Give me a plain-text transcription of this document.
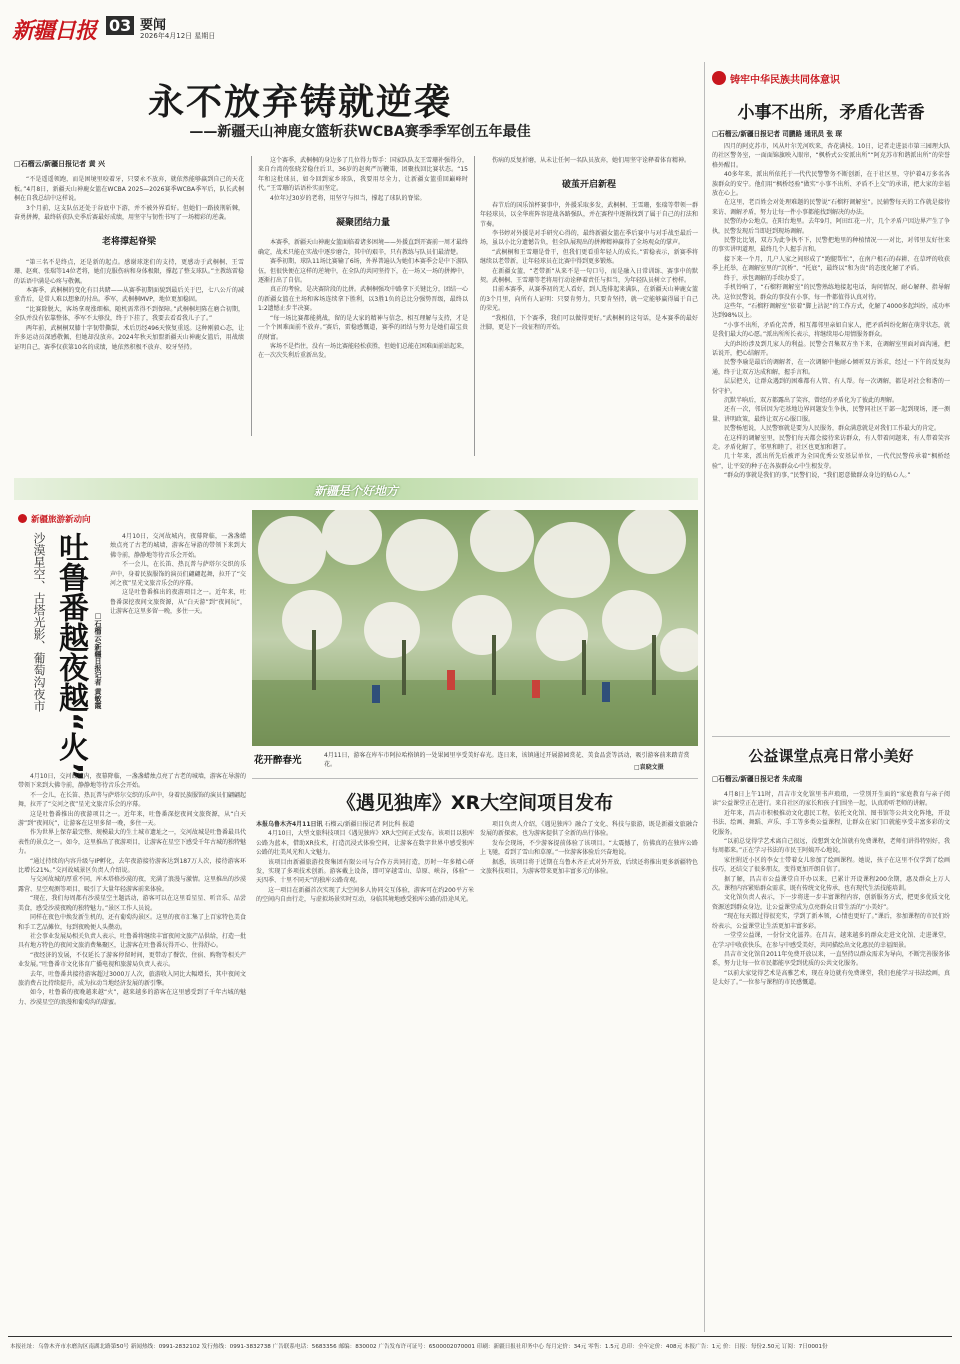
新疆日报 03 要闻
2026年4月12日 星期日
永不放弃铸就逆袭
——新疆天山神鹿女篮斩获WCBA赛季季军创五年最佳
□石榴云/新疆日报记者 黄 兴

“不是遥遥领跑，而是困境里咬着牙，只要永不放弃，就依然能够赢到自己的天花板。”4月8日，新疆天山神鹿女篮在WCBA 2025—2026赛季WCBA季军后，队长武桐桐在自我总结中这样说。

3个月前，这支队伍还处于谷底中下游，并不被外界看好。但她们一路披荆斩棘，奋勇拼搏，最终斩获队史季后赛最好成绩，用坚守与韧性书写了一场精彩的逆袭。

老将撑起脊梁

“第三名不是终点，还是新的起点。感谢球迷们的支持，更感动于武桐桐、王雪珊、赵爽、张瑞等14位老将，她们克服伤病和身体极限，撑起了整支球队。”主教练雷稳的话语中满是心疼与敬佩。

本赛季，武桐桐的变化有目共睹——从赛季初期面貌到最后关于巴，七八公斤的减重背后，是常人难以想象的付出。季军，武桐桐MVP，地位更加稳固。

“比赛除脱大，客场拿观涨细棉，随机需常得不到保障。”武桐桐坦陈在磨合初期，全队并没有依靠整体，季军不太够没，终于下挂了，我要去看看我儿子了。”

两年前，武桐桐双膝十字韧带撕裂，术后历经496天恢复重返。这种刚毅心态，让许多运动员深感敬佩，但她却没放弃。2024年秋天加盟新疆天山神鹿女篮后，用战绩证明自己，赛季仅获第10名的成绩，她依然积极不放弃、咬牙坚持。

这个赛季，武桐桐的身边多了几位得力帮手：国家队队友王雪珊补强得分，来自台湾的张晓芳稳住后卫，36岁的赵爽严厉鞭策，团聚找回比赛状态。“15年和这批球员，如今回到家乡球队，我要用尽全力，让新疆女篮重回巅峰时代。”王雪珊的话语朴实而坚定。

4位年过30岁的老将，用坚守与担当，撑起了球队的脊梁。

凝聚团结力量

本赛季，新疆天山神鹿女篮面临着诸多困境——外援直到开赛前一周才最终确定，战术只能在实战中逐步磨合，其中的艰辛，只有教练与队员们最清楚。

赛季初期，球队11场比赛输了6场，外界普遍认为她们本赛季会是中下游队伍，但很快便在这样的逆境中，在全队的共同坚持下，在一场又一场的拼搏中，逐渐打出了自信。

真正的考验，是决赛阶段的比拼。武桐桐强攻中路拿下关键比分，团结一心的新疆女篮在主场和客场连续拿下胜利，以3胜1负的总比分强势晋级，最终以1:2遗憾止步半决赛。

“每一场比赛都能挑战，留的是大家的精神与信念，相互理解与支持，才是一个个困难面前不放弃。”赛后，雷稳感慨道，赛季的团结与努力是她们最宝贵的财富。

客场不是挡住，没有一场比赛能轻松获胜，但她们总能在困难面前站起来，在一次次失利后重新出发。

伤病的反复折磨，从未让任何一名队员放弃，她们用坚守诠释着体育精神。

破茧开启新程

春节后的国乐馆杯赛事中，外援采取多发，武桐桐、王雪珊，张瑞等带领一群年轻球员，以全华班阵容迎战各路强队，并在赛程中逐渐找到了属于自己的打法和节奏。

李书婷对外援是对手研究心得的，最终新疆女篮在季后赛中与对手战至最后一场，虽以小比分遗憾告负，但全队展现出的拼搏精神赢得了全场观众的掌声。

“武桐桐和王雪珊是骨干，但我们更看重年轻人的成长。”雷稳表示，新赛季将继续以老带新，让年轻球员在比赛中得到更多锻炼。

在新疆女篮，“老带新”从来不是一句口号，而是融入日常训练、赛事中的默契。武桐桐、王雪珊等老将用行动诠释着责任与担当，为年轻队员树立了榜样。

目前本赛季，从赛季初的无人看好，到人选排起来满队，在新疆天山神鹿女篮的3个月里，向所有人证明：只要肯努力，只要肯坚持，就一定能够赢得属于自己的荣光。

“我相信，下个赛季，我们可以做得更好。”武桐桐的这句话，是本赛季的最好注脚，更是下一段征程的开始。

铸牢中华民族共同体意识
小事不出所，矛盾化苦香
□石榴云/新疆日报记者 司鹏路 通讯员 张 琛

四月的阿克苏市，风从叶尔羌河吹来，杏花满枝。10日，记者走进县市第三园理大队的社区警务室，一面面锦旗映入眼帘，“枫桥式公安派出所”“阿克苏市和谐派出所”的荣誉格外醒目。

40多年来，派出所依托于一代代民警警务不断创新，在于社区里，守护着4万多名各族群众的安宁。他们用“枫桥经验”做实“小事不出所、矛盾不上交”的承诺，把大家的幸福放在心上。

在这里，老百姓会对处理难题的民警说“石榴籽调解室”。民辅警每天的工作就是接待来访、调解矛盾，努力让每一件小事都能找到解决的办法。

民警的办公地点，在阳台地里。去年9月，阿田红花一片，几个矛盾户因边界产生了争执，民警发现后当即赶到现场调解。

民警比比划，双方为此争执不下，民警把地里的种植情况一一对比，对邻里友好往来的事实讲明道理，最终几个人握手言和。

接下来一个月，几户人家之间形成了“跑腿帮忙”，在南户根石的春耕、在草坪的收获季上托举，在调解室里的“沉桥”、“托底”，最终以“和为贵”的态度化解了矛盾。

终于，承包调解的手续办妥了。

手机铃响了，“石榴籽调解室”的民警熟练地接起电话，询问情况、耐心解释、指导解决。这位民警说，群众的事没有小事，每一件都值得认真对待。

这些年，“石榴籽调解室”依着“脚上沾泥”的工作方式，化解了4000多起纠纷，成功率达到98%以上。

“小事不出所，矛盾化苦香，相互都邻里亲如自家人，把矛盾纠纷化解在萌芽状态，就是我们最大的心愿。”派出所所长表示，将继续用心用情服务群众。

大的纠纷涉及到几家人的利益。民警会召集双方坐下来，在调解室里面对面沟通，把话说开，把心结解开。

民警李瑜是最后的调解者，在一次调解中他耐心倾听双方诉求，经过一下午的反复沟通，终于让双方达成和解，握手言和。

层层把关，让群众遇到的困难都有人管、有人帮。每一次调解，都是对社会和谐的一份守护。

沉默半晌后，双方都露出了笑容，曾经的矛盾化为了彼此的理解。

还有一次，邻居因为宅基地边界问题发生争执，民警同社区干部一起到现场，逐一测量、讲明政策，最终让双方心服口服。

民警杨旭说，人民警察就是要为人民服务，群众满意就是对我们工作最大的肯定。

在这样的调解室里，民警们每天都会接待来访群众，有人带着问题来，有人带着笑容走。矛盾化解了，邻里和睦了，社区也更加和谐了。

几十年来，派出所先后被评为全国优秀公安基层单位，一代代民警传承着“枫桥经验”，让平安的种子在各族群众心中生根发芽。

“群众的事就是我们的事，”民警们说，“我们愿意做群众身边的贴心人。”

公益课堂点亮日常小美好
□石榴云/新疆日报记者 朱成瑞

4月8日上午11时，昌吉市文化馆里书声琅琅，一堂别开生面的“家庭教育与亲子阅读”公益课堂正在进行。来自社区的家长和孩子们围坐一起，认真聆听老师的讲解。

近年来，昌吉市积极推动文化惠民工程，依托文化馆、图书馆等公共文化阵地，开设书法、绘画、舞蹈、声乐、手工等多类公益课程，让群众在家门口就能享受丰富多彩的文化服务。

“以前总觉得学艺术离自己很远，没想到文化馆就有免费课程，老师们讲得特别好，我每周都来。”正在学习书法的市民王阿姨开心地说。

家住附近小区的李女士带着女儿参加了绘画课程。她说，孩子在这里不仅学到了绘画技巧，还结交了很多朋友，变得更加开朗自信了。

据了解，昌吉市公益课堂自开办以来，已累计开设课程200余期，惠及群众上万人次。课程内容紧贴群众需求，既有传统文化传承，也有现代生活技能培训。

文化馆负责人表示，下一步将进一步丰富课程内容，创新服务方式，把更多优质文化资源送到群众身边，让公益课堂成为点亮群众日常生活的“小美好”。

“现在每天都过得很充实，学到了新本领，心情也更好了。”课后，参加课程的市民们纷纷表示，公益课堂让生活更加丰富多彩。

一堂堂公益课，一份份文化滋养。在昌吉，越来越多的群众走进文化馆、走进课堂，在学习中收获快乐，在参与中感受美好，共同描绘出文化惠民的幸福图景。

昌吉市文化馆自2011年免费开放以来，一直坚持以群众需求为导向，不断完善服务体系，努力让每一位市民都能享受到优质的公共文化服务。

“以前大家觉得艺术是高雅艺术，现在身边就有免费课堂，我们也能学习书法绘画，真是太好了。”一位参与课程的市民感慨道。

新疆是个好地方
新疆旅游新动向
沙漠星空、古塔光影、葡萄沟夜市 吐鲁番越夜越“火” □石榴云/新疆日报记者 黄敏霞

4月10日，交河故城内，夜幕降临，一盏盏蜡烛点亮了古老的城墙，游客在导游的带领下来到大佛寺前，静静地等待音乐会开始。

不一会儿，在长笛、热瓦普与萨塔尔交织的乐声中，身着民族服饰的演员们翩翩起舞，拉开了“交河之夜”星光文旅音乐会的序幕。

这是吐鲁番推出的夜游项目之一。近年来，吐鲁番深挖夜间文旅资源，从“白天游”到“夜间玩”，让游客在这里多留一晚，多住一天。

作为世界上保存最完整、规模最大的生土城市遗址之一，交河故城是吐鲁番最具代表性的景点之一。如今，这里推出了夜游项目，让游客在星空下感受千年古城的独特魅力。

“通过持续的内容升级与IP孵化，去年夜游接待游客达到187万人次，接待游客环比增长21%。”交河故城景区负责人介绍说。

与交河故城的厚重不同，库木塔格沙漠的夜，充满了浪漫与激情。这里推出的沙漠露营、星空观测等项目，吸引了大量年轻游客前来体验。

“现在，我们每周都有沙漠星空主题活动，游客可以在这里看星星、听音乐、品尝美食，感受沙漠夜晚的独特魅力。”景区工作人员说。

同样在夜色中焕发新生机的，还有葡萄沟景区。这里的夜市汇集了上百家特色美食和手工艺品摊位，每到夜晚便人头攒动。

社会事业发展局相关负责人表示，吐鲁番将继续丰富夜间文旅产品供给，打造一批具有地方特色的夜间文旅消费集聚区，让游客在吐鲁番玩得开心、住得舒心。

“夜经济的发展，不仅延长了游客停留时间，更带动了餐饮、住宿、购物等相关产业发展。”吐鲁番市文化体育广播电视和旅游局负责人表示。

去年，吐鲁番共接待游客超过3000万人次，旅游收入同比大幅增长，其中夜间文旅消费占比持续提升，成为拉动当地经济发展的新引擎。

如今，吐鲁番的夜晚越来越“火”，越来越多的游客在这里感受到了千年古城的魅力、沙漠星空的浪漫和葡萄沟的甜蜜。

4月10日，交河故城内，夜幕降临，一盏盏蜡烛点亮了古老的城墙，游客在导游的带领下来到大佛寺前，静静地等待音乐会开始。

不一会儿，在长笛、热瓦普与萨塔尔交织的乐声中，身着民族服饰的演员们翩翩起舞，拉开了“交河之夜”星光文旅音乐会的序幕。

这是吐鲁番推出的夜游项目之一。近年来，吐鲁番深挖夜间文旅资源，从“白天游”到“夜间玩”，让游客在这里多留一晚，多住一天。

花开醉春光	4月11日，游客在库车市阿拉哈格镇的一处果园里享受美好春光。连日来，该镇通过开展游园赏花、美食品尝等活动，吸引游客前来踏青赏花。	□袁晓文摄
《遇见独库》XR大空间项目发布

本报乌鲁木齐4月11日讯 石榴云/新疆日报记者 阿比科 报道

4月10日，大型文旅科技项目《遇见独库》XR大空间正式发布。该项目以独库公路为蓝本，借助XR技术，打造沉浸式体验空间，让游客在数字世界中感受独库公路的壮美风光和人文魅力。

该项目由新疆旅游投资集团有限公司与合作方共同打造，历时一年多精心研发，实现了多项技术创新。游客戴上设备，即可穿越雪山、草原、峡谷，体验“一天四季、十里不同天”的独库公路奇观。

这一项目在新疆首次实现了大空间多人协同交互体验，游客可在约200平方米的空间内自由行走，与虚拟场景实时互动，身临其境地感受独库公路的沿途风光。

项目负责人介绍，《遇见独库》融合了文化、科技与旅游，既是新疆文旅融合发展的新探索，也为游客提供了全新的出行体验。

发布会现场，不少游客提前体验了该项目。“太震撼了，仿佛真的在独库公路上飞驰，看到了雪山和草原。”一位游客体验后兴奋地说。

据悉，该项目将于近期在乌鲁木齐正式对外开放，后续还将推出更多新疆特色文旅科技项目，为游客带来更加丰富多元的体验。

本报社址：乌鲁木齐市水磨沟区南湖北路第50号 新闻热线：0991-2832102 发行热线：0991-3832738 广告联系电话：5683356 邮编：830002 广告发布许可证号：6500002070001 印刷：新疆日报社印务中心 每月定价：34元 零售：1.5元 总印：全年定价：408元 本报广告：1元 价：日报：每份2.50元 订阅：7日0001份
